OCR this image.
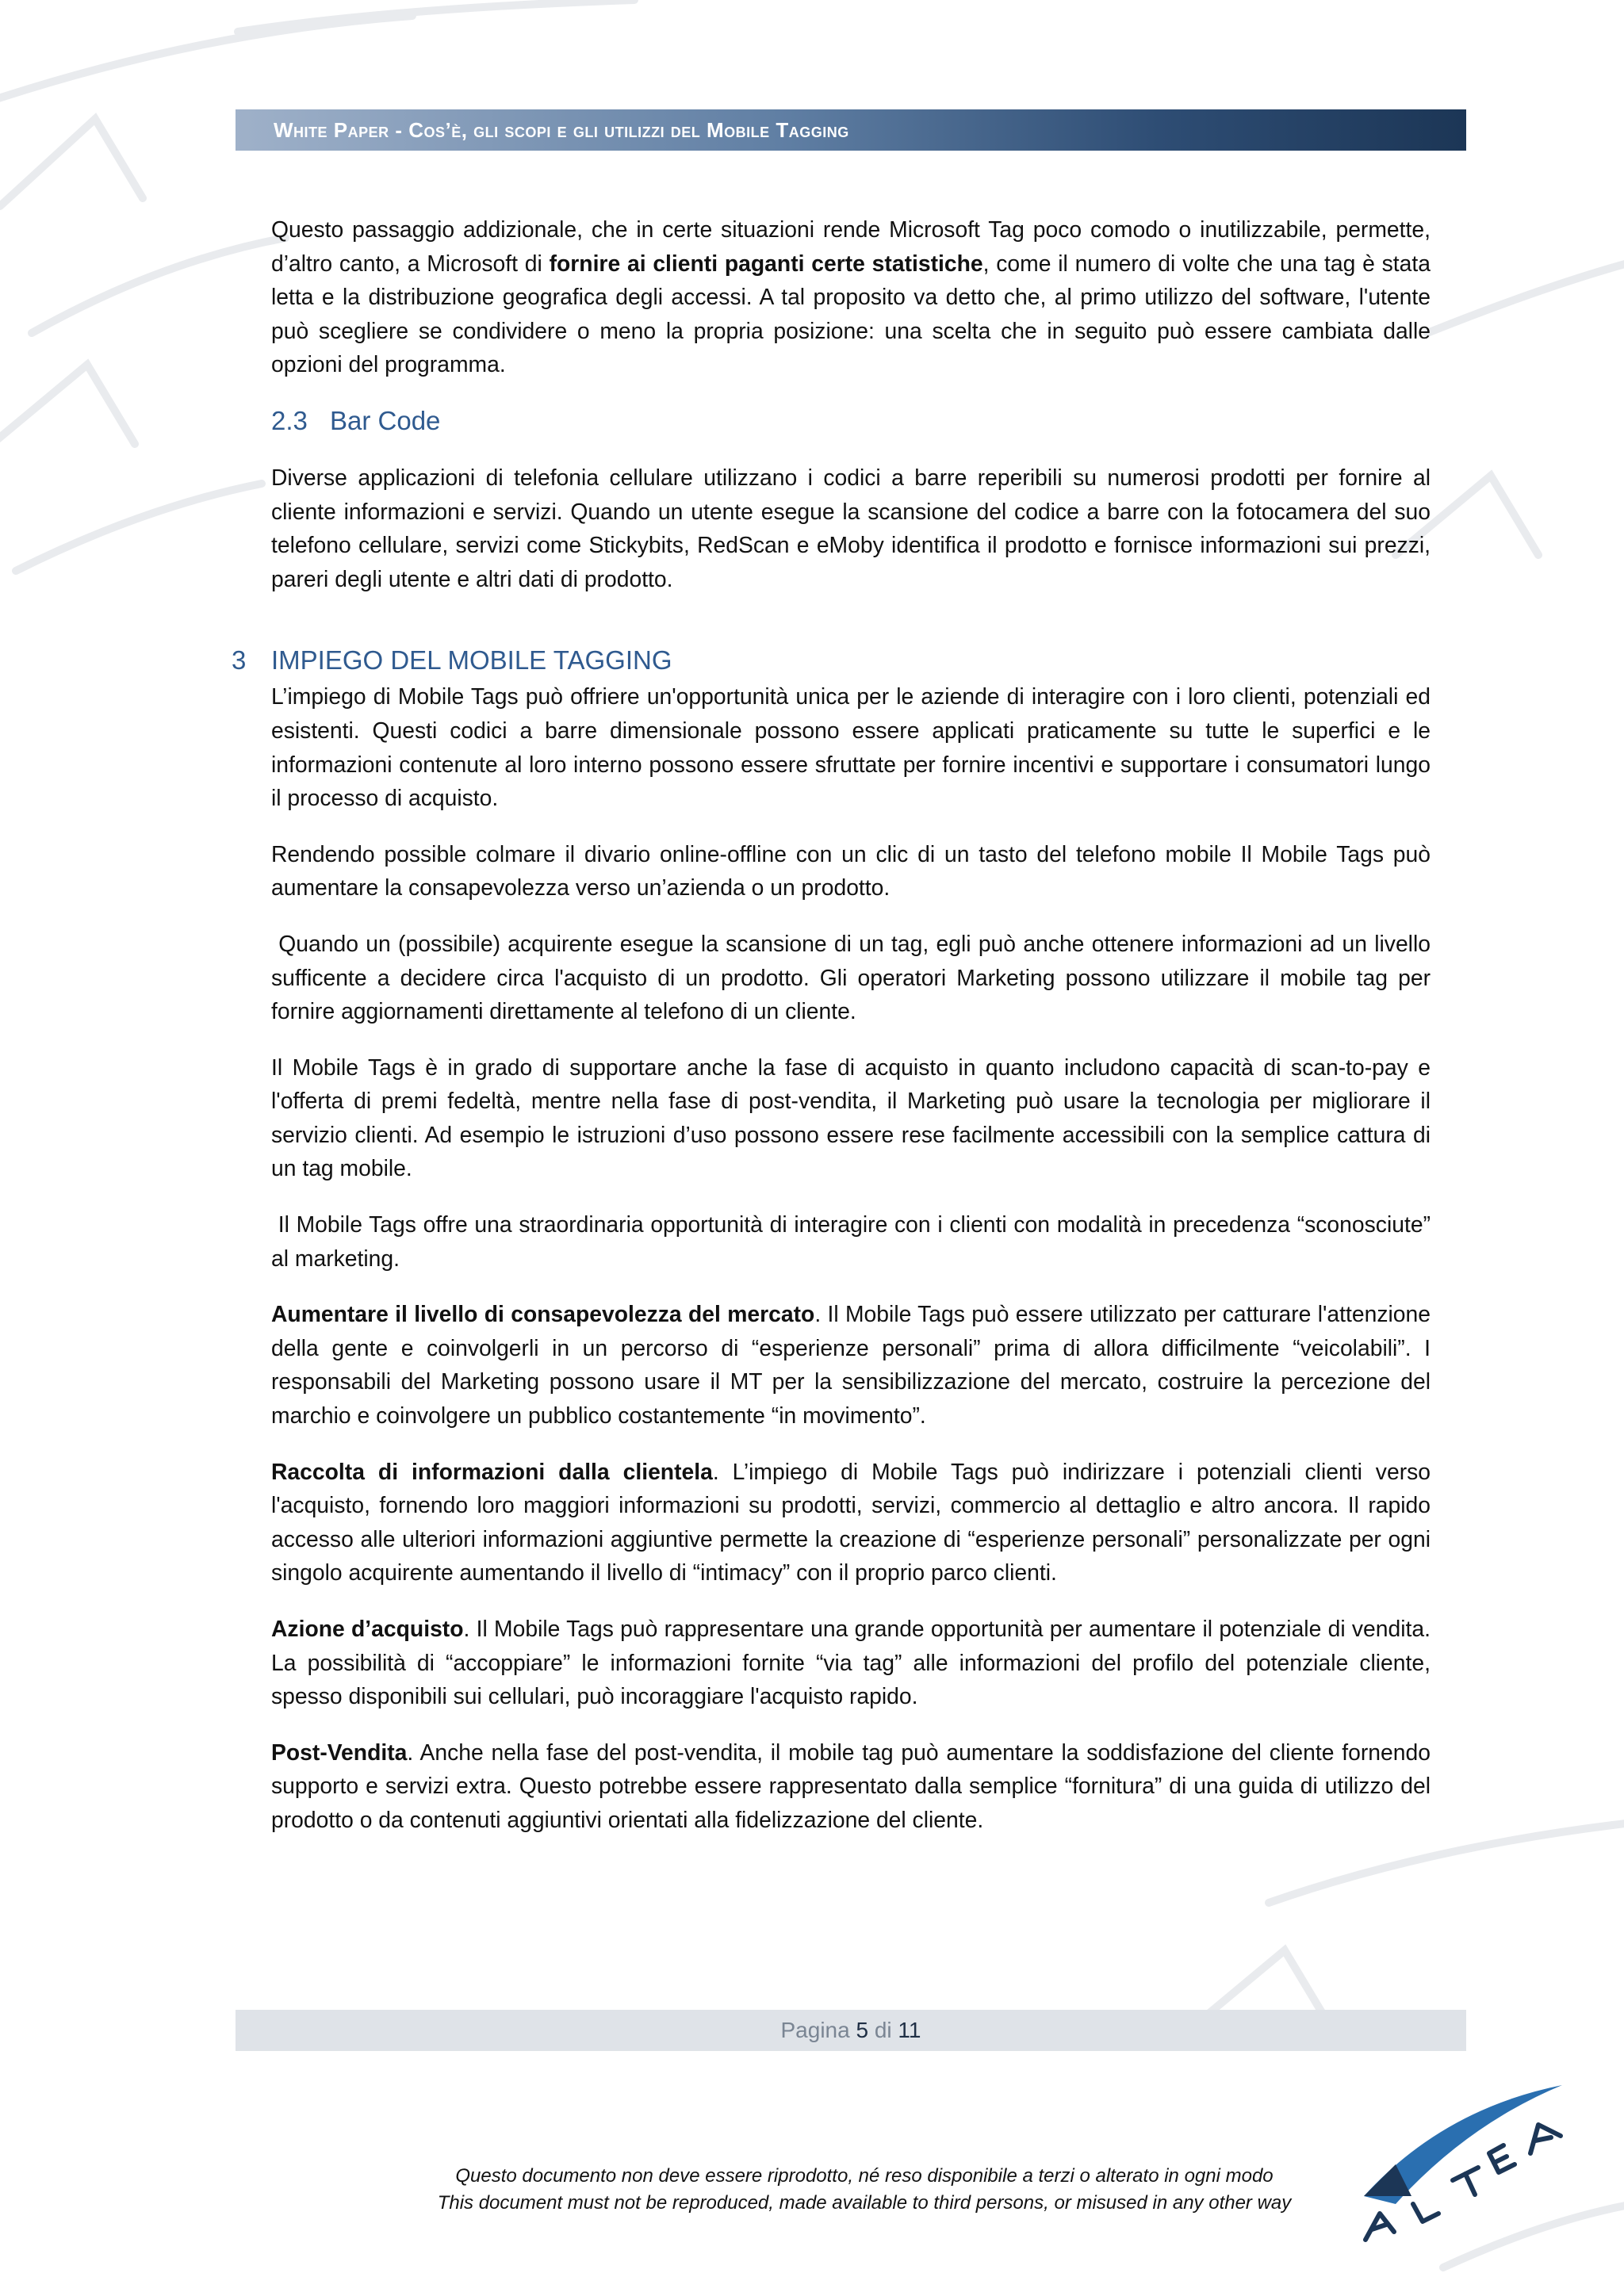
White Paper - Cos’è, gli scopi e gli utilizzi del Mobile Tagging

Questo passaggio addizionale, che in certe situazioni rende Microsoft Tag poco comodo o inutilizzabile, permette, d’altro canto, a Microsoft di fornire ai clienti paganti certe statistiche, come il numero di volte che una tag è stata letta e la distribuzione geografica degli accessi. A tal proposito va detto che, al primo utilizzo del software, l'utente può scegliere se condividere o meno la propria posizione: una scelta che in seguito può essere cambiata dalle opzioni del programma.

2.3 Bar Code

Diverse applicazioni di telefonia cellulare utilizzano i codici a barre reperibili su numerosi prodotti per fornire al cliente informazioni e servizi. Quando un utente esegue la scansione del codice a barre con la fotocamera del suo telefono cellulare, servizi come Stickybits, RedScan e eMoby identifica il prodotto e fornisce informazioni sui prezzi, pareri degli utente e altri dati di prodotto.

3 IMPIEGO DEL MOBILE TAGGING

L’impiego di Mobile Tags può offriere un'opportunità unica per le aziende di interagire con i loro clienti, potenziali ed esistenti. Questi codici a barre dimensionale possono essere applicati praticamente su tutte le superfici e le informazioni contenute al loro interno possono essere sfruttate per fornire incentivi e supportare i consumatori lungo il processo di acquisto.

Rendendo possible colmare il divario online-offline con un clic di un tasto del telefono mobile Il Mobile Tags può aumentare la consapevolezza verso un’azienda o un prodotto.

Quando un (possibile) acquirente esegue la scansione di un tag, egli può anche ottenere informazioni ad un livello sufficente a decidere circa l'acquisto di un prodotto. Gli operatori Marketing possono utilizzare il mobile tag per fornire aggiornamenti direttamente al telefono di un cliente.

Il Mobile Tags è in grado di supportare anche la fase di acquisto in quanto includono capacità di scan-to-pay e l'offerta di premi fedeltà, mentre nella fase di post-vendita, il Marketing può usare la tecnologia per migliorare il servizio clienti. Ad esempio le istruzioni d’uso possono essere rese facilmente accessibili con la semplice cattura di un tag mobile.

Il Mobile Tags offre una straordinaria opportunità di interagire con i clienti con modalità in precedenza “sconosciute” al marketing.

Aumentare il livello di consapevolezza del mercato. Il Mobile Tags può essere utilizzato per catturare l'attenzione della gente e coinvolgerli in un percorso di “esperienze personali” prima di allora difficilmente “veicolabili”. I responsabili del Marketing possono usare il MT per la sensibilizzazione del mercato, costruire la percezione del marchio e coinvolgere un pubblico costantemente “in movimento”.

Raccolta di informazioni dalla clientela. L’impiego di Mobile Tags può indirizzare i potenziali clienti verso l'acquisto, fornendo loro maggiori informazioni su prodotti, servizi, commercio al dettaglio e altro ancora. Il rapido accesso alle ulteriori informazioni aggiuntive permette la creazione di “esperienze personali” personalizzate per ogni singolo acquirente aumentando il livello di “intimacy” con il proprio parco clienti.

Azione d’acquisto. Il Mobile Tags può rappresentare una grande opportunità per aumentare il potenziale di vendita. La possibilità di “accoppiare” le informazioni fornite “via tag” alle informazioni del profilo del potenziale cliente, spesso disponibili sui cellulari, può incoraggiare l'acquisto rapido.

Post-Vendita. Anche nella fase del post-vendita, il mobile tag può aumentare la soddisfazione del cliente fornendo supporto e servizi extra. Questo potrebbe essere rappresentato dalla semplice “fornitura” di una guida di utilizzo del prodotto o da contenuti aggiuntivi orientati alla fidelizzazione del cliente.

Pagina
5
di
11
Questo documento non deve essere riprodotto, né reso disponibile a terzi o alterato in ogni modo
This document must not be reproduced, made available to third persons, or misused in any other way
